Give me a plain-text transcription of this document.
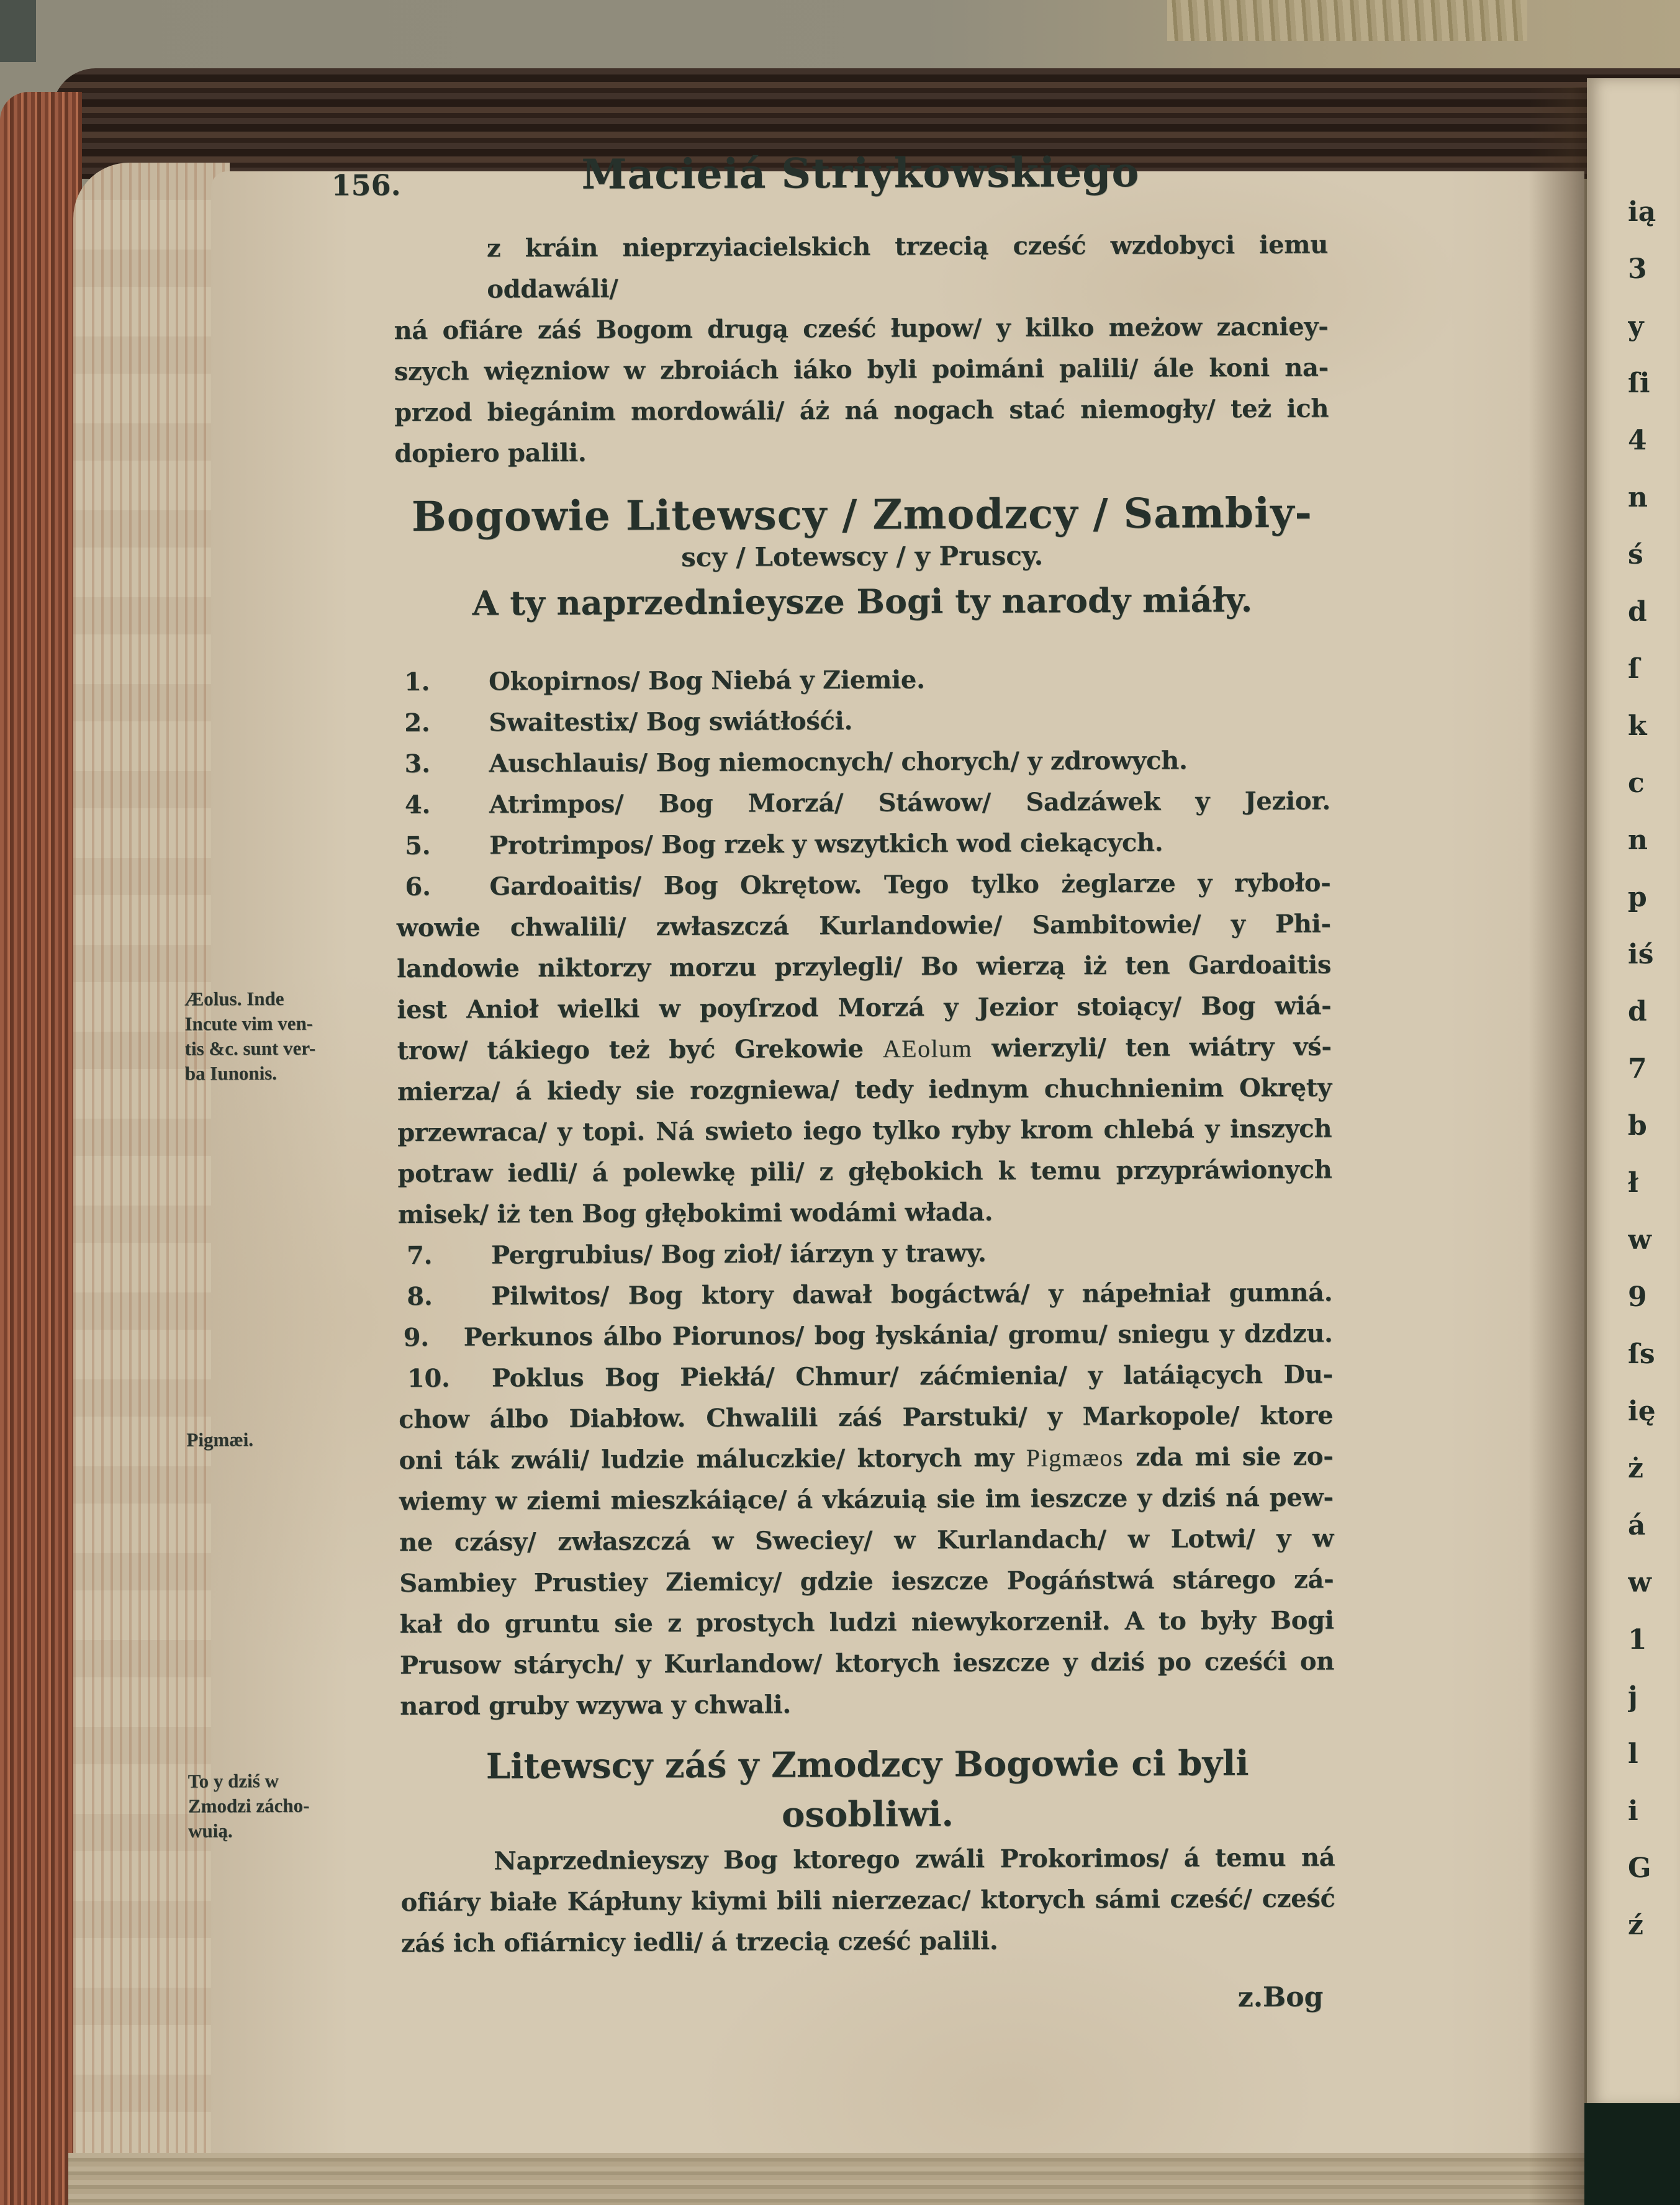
ią
3
y
ſi
4
n
ś
d
ſ
k
c
n
p
iś
d
7
b
ł
w
9
ſs
ię
ż
á
w
1
j
l
i
G
ź
156.	Macieiá Striykowskiego
z kráin nieprzyiacielskich trzecią cześć wzdobyci iemu oddawáli/
ná ofiáre záś Bogom drugą cześć łupow/ y kilko meżow zacniey-
szych więzniow w zbroiách iáko byli poimáni palili/ ále koni na-
przod biegánim mordowáli/ áż ná nogach stać niemogły/ też ich
dopiero palili.
Bogowie Litewscy / Zmodzcy / Sambiy-
scy / Lotewscy / y Pruscy.
A ty naprzednieysze Bogi ty narody miáły.
1. Okopirnos/ Bog Niebá y Ziemie.
2. Swaitestix/ Bog swiátłośći.
3. Auschlauis/ Bog niemocnych/ chorych/ y zdrowych.
4. Atrimpos/ Bog Morzá/ Stáwow/ Sadzáwek y Jezior.
5. Protrimpos/ Bog rzek y wszytkich wod ciekących.
6. Gardoaitis/ Bog Okrętow. Tego tylko żeglarze y ryboło-
wowie chwalili/ zwłaszczá Kurlandowie/ Sambitowie/ y Phi-
landowie niktorzy morzu przylegli/ Bo wierzą iż ten Gardoaitis
iest Anioł wielki w poyſrzod Morzá y Jezior stoiący/ Bog wiá-
trow/ tákiego też być Grekowie AEolum wierzyli/ ten wiátry vś-
mierza/ á kiedy sie rozgniewa/ tedy iednym chuchnienim Okręty
przewraca/ y topi. Ná swieto iego tylko ryby krom chlebá y inszych
potraw iedli/ á polewkę pili/ z głębokich k temu przypráwionych
misek/ iż ten Bog głębokimi wodámi włada.
7. Pergrubius/ Bog zioł/ iárzyn y trawy.
8. Pilwitos/ Bog ktory dawał bogáctwá/ y nápełniał gumná.
9. Perkunos álbo Piorunos/ bog łyskánia/ gromu/ sniegu y dzdzu.
10. Poklus Bog Piekłá/ Chmur/ záćmienia/ y latáiących Du-
chow álbo Diabłow. Chwalili záś Parstuki/ y Markopole/ ktore
oni ták zwáli/ ludzie máluczkie/ ktorych my Pigmæos zda mi sie zo-
wiemy w ziemi mieszkáiące/ á vkázuią sie im ieszcze y dziś ná pew-
ne czásy/ zwłaszczá w Sweciey/ w Kurlandach/ w Lotwi/ y w
Sambiey Prustiey Ziemicy/ gdzie ieszcze Pogáństwá stárego zá-
kał do gruntu sie z prostych ludzi niewykorzenił. A to były Bogi
Prusow stárych/ y Kurlandow/ ktorych ieszcze y dziś po cześći on
narod gruby wzywa y chwali.
Litewscy záś y Zmodzcy Bogowie ci byli osobliwi.
Naprzednieyszy Bog ktorego zwáli Prokorimos/ á temu ná
ofiáry białe Kápłuny kiymi bili nierzezac/ ktorych sámi cześć/ cześć
záś ich ofiárnicy iedli/ á trzecią cześć palili.
z.Bog
Æolus. Inde
Incute vim ven-
tis &c. sunt ver-
ba Iunonis.
Pigmæi.
To y dziś w
Zmodzi zácho-
wuią.
